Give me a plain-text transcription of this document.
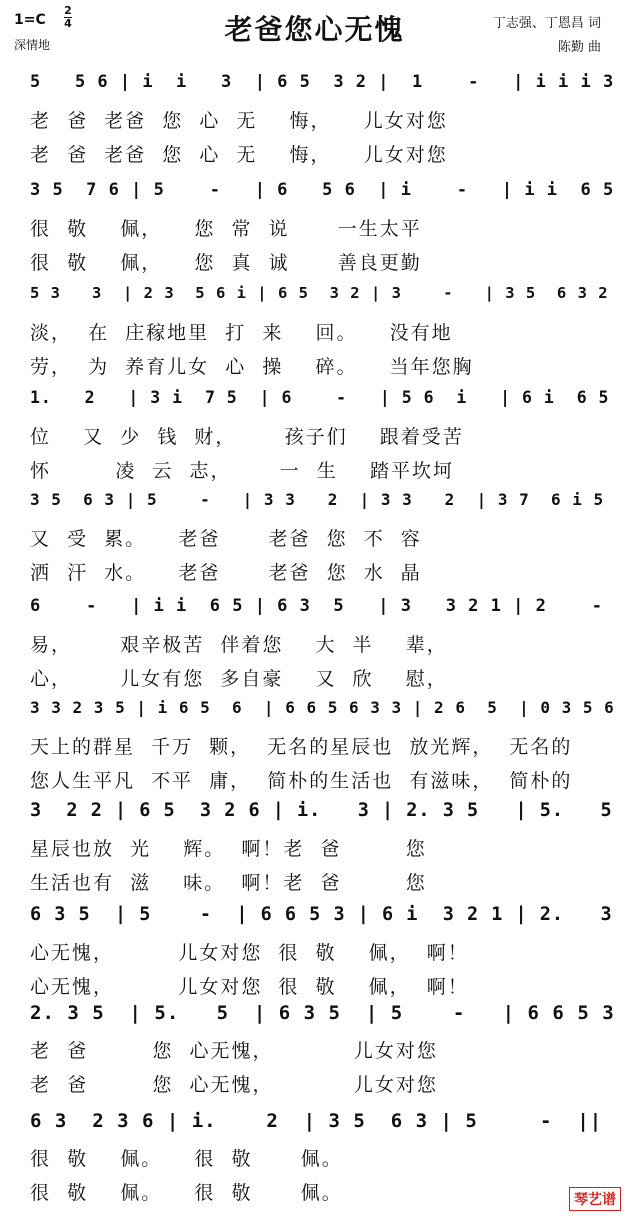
老爸您心无愧
1=C
2
4
深情地
丁志强、丁恩昌 词
陈勤 曲
5   5 6 | i  i   3  | 6 5  3 2 |  1    -   | i i i 3
老  爸  老爸  您  心  无    悔，    儿女对您
老  爸  老爸  您  心  无    悔，    儿女对您
3 5  7 6 | 5    -   | 6   5 6  | i    -   | i i  6 5
很  敬    佩，    您  常  说      一生太平
很  敬    佩，    您  真  诚      善良更勤
5 3   3  | 2 3  5 6 i | 6 5  3 2 | 3    -   | 3 5  6 3 2
淡，  在  庄稼地里  打  来    回。    没有地
劳，  为  养育儿女  心  操    碎。    当年您胸
1.   2   | 3 i  7 5  | 6    -   | 5 6  i   | 6 i  6 5
位    又  少  钱  财，      孩子们    跟着受苦
怀        凌  云  志，      一  生    踏平坎坷
3 5  6 3 | 5    -   | 3 3   2  | 3 3   2  | 3 7  6 i 5
又  受  累。    老爸      老爸  您  不  容
洒  汗  水。    老爸      老爸  您  水  晶
6    -   | i i  6 5 | 6 3  5   | 3   3 2 1 | 2    -
易，      艰辛极苦  伴着您    大  半    辈，
心，      儿女有您  多自豪    又  欣    慰，
3 3 2 3 5 | i 6 5  6  | 6 6 5 6 3 3 | 2 6  5  | 0 3 5 6
天上的群星  千万  颗，  无名的星辰也  放光辉，  无名的
您人生平凡  不平  庸，  简朴的生活也  有滋味，  简朴的
3  2 2 | 6 5  3 2 6 | i.   3 | 2. 3 5   | 5.   5
星辰也放  光    辉。  啊！老  爸        您
生活也有  滋    味。  啊！老  爸        您
6 3 5  | 5    -  | 6 6 5 3 | 6 i  3 2 1 | 2.   3
心无愧，        儿女对您  很  敬    佩，  啊！
心无愧，        儿女对您  很  敬    佩，  啊！
2. 3 5  | 5.   5  | 6 3 5  | 5    -   | 6 6 5 3
老  爸        您  心无愧，          儿女对您
老  爸        您  心无愧，          儿女对您
6 3  2 3 6 | i.    2  | 3 5  6 3 | 5     -  ||
很  敬    佩。    很  敬      佩。
很  敬    佩。    很  敬      佩。	琴艺谱
